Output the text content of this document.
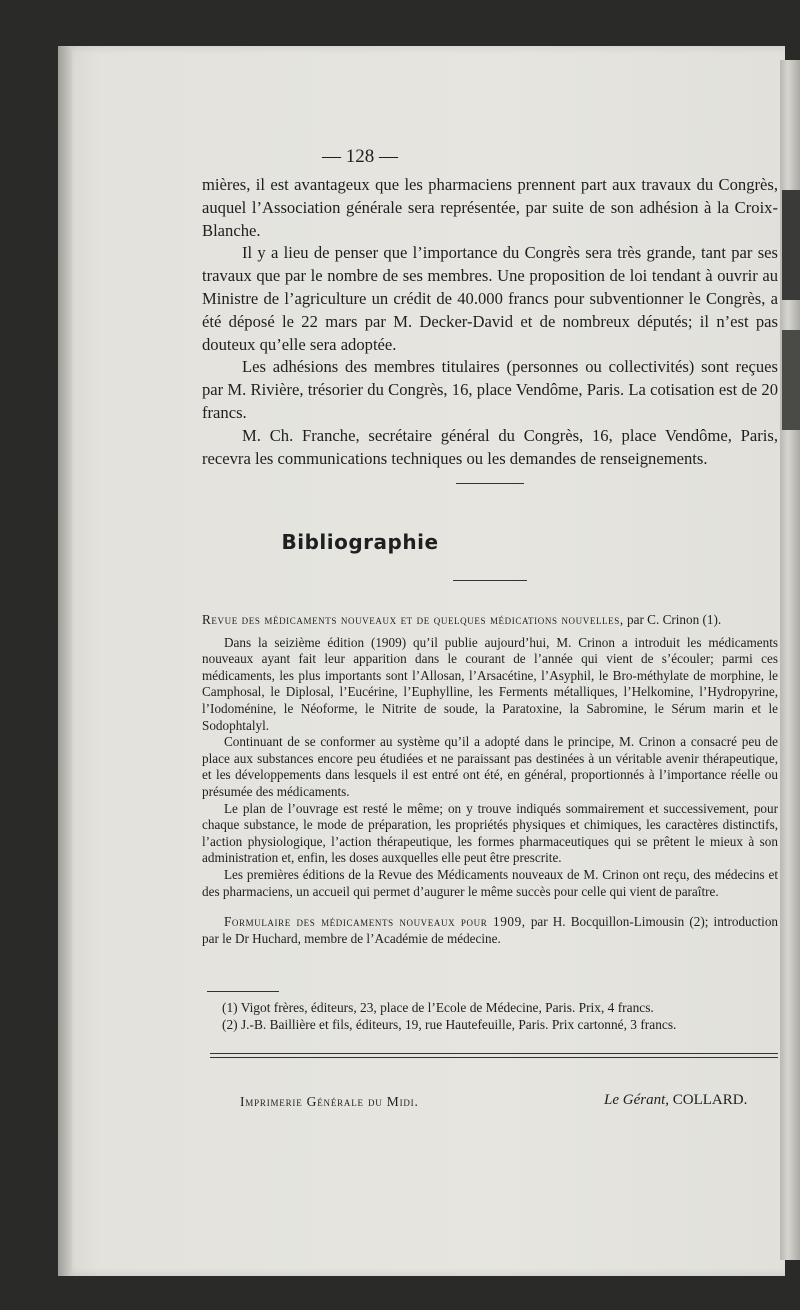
— 128 —

mières, il est avantageux que les pharmaciens prennent part aux travaux du Congrès, auquel l’Association générale sera représentée, par suite de son adhésion à la Croix-Blanche.

Il y a lieu de penser que l’importance du Congrès sera très grande, tant par ses travaux que par le nombre de ses membres. Une proposition de loi tendant à ouvrir au Ministre de l’agriculture un crédit de 40.000 francs pour subventionner le Congrès, a été déposé le 22 mars par M. Decker-David et de nombreux députés; il n’est pas douteux qu’elle sera adoptée.

Les adhésions des membres titulaires (personnes ou collectivités) sont reçues par M. Rivière, trésorier du Congrès, 16, place Vendôme, Paris. La cotisation est de 20 francs.

M. Ch. Franche, secrétaire général du Congrès, 16, place Vendôme, Paris, recevra les communications techniques ou les demandes de renseignements.

Bibliographie

Revue des médicaments nouveaux et de quelques médications nouvelles, par C. Crinon (1).

Dans la seizième édition (1909) qu’il publie aujourd’hui, M. Crinon a introduit les médicaments nouveaux ayant fait leur apparition dans le courant de l’année qui vient de s’écouler; parmi ces médicaments, les plus importants sont l’Allosan, l’Arsacétine, l’Asyphil, le Bro-méthylate de morphine, le Camphosal, le Diplosal, l’Eucérine, l’Euphylline, les Ferments métalliques, l’Helkomine, l’Hydropyrine, l’Iodoménine, le Néoforme, le Nitrite de soude, la Paratoxine, la Sabromine, le Sérum marin et le Sodophtalyl.

Continuant de se conformer au système qu’il a adopté dans le principe, M. Crinon a consacré peu de place aux substances encore peu étudiées et ne paraissant pas destinées à un véritable avenir thérapeutique, et les développements dans lesquels il est entré ont été, en général, proportionnés à l’importance réelle ou présumée des médicaments.

Le plan de l’ouvrage est resté le même; on y trouve indiqués sommairement et successivement, pour chaque substance, le mode de préparation, les propriétés physiques et chimiques, les caractères distinctifs, l’action physiologique, l’action thérapeutique, les formes pharmaceutiques qui se prêtent le mieux à son administration et, enfin, les doses auxquelles elle peut être prescrite.

Les premières éditions de la Revue des Médicaments nouveaux de M. Crinon ont reçu, des médecins et des pharmaciens, un accueil qui permet d’augurer le même succès pour celle qui vient de paraître.

Formulaire des médicaments nouveaux pour 1909, par H. Bocquillon-Limousin (2); introduction par le Dr Huchard, membre de l’Académie de médecine.

(1) Vigot frères, éditeurs, 23, place de l’Ecole de Médecine, Paris. Prix, 4 francs.

(2) J.-B. Baillière et fils, éditeurs, 19, rue Hautefeuille, Paris. Prix cartonné, 3 francs.

Imprimerie Générale du Midi.	Le Gérant, COLLARD.
